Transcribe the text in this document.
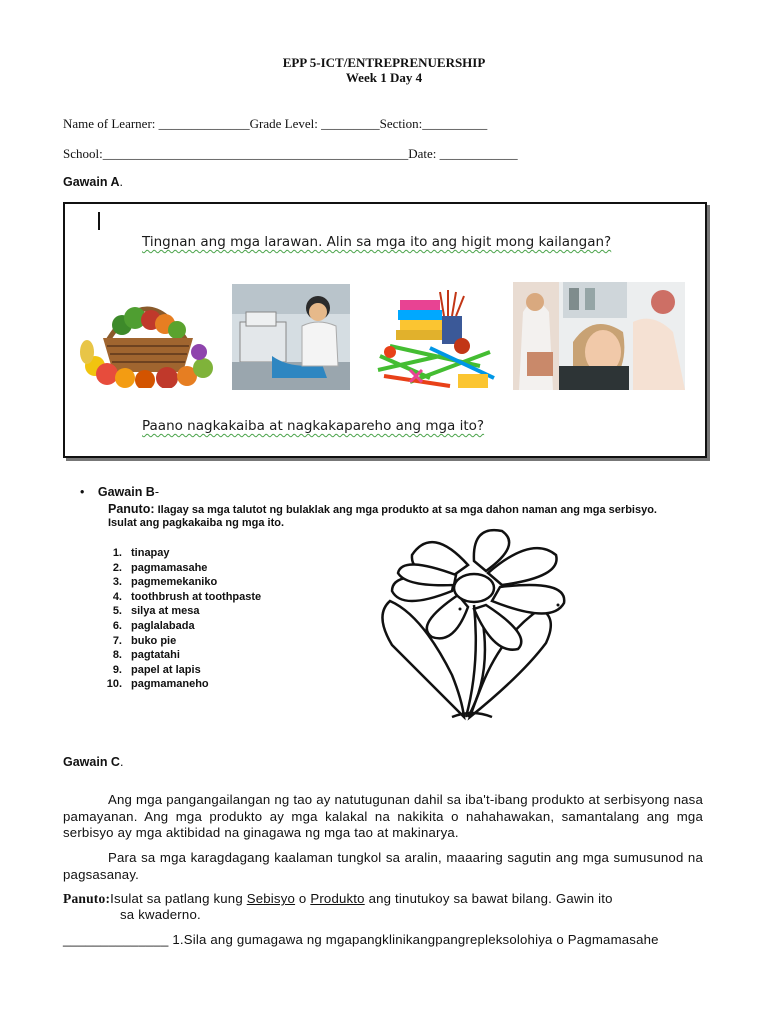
EPP 5-ICT/ENTREPRENUERSHIP
Week 1 Day 4
Name of Learner: ______________Grade Level: _________Section:__________
School:_______________________________________________Date: ____________
Gawain A.
Tingnan ang mga larawan. Alin sa mga ito ang higit mong kailangan?
Paano nagkakaiba at nagkakapareho ang mga ito?
• Gawain B-
Panuto: Ilagay sa mga talutot ng bulaklak ang mga produkto at sa mga dahon naman ang mga serbisyo.
Isulat ang pagkakaiba ng mga ito.
1. tinapay
2. pagmamasahe
3. pagmemekaniko
4. toothbrush at toothpaste
5. silya at mesa
6. paglalabada
7. buko pie
8. pagtatahi
9. papel at lapis
10. pagmamaneho
Gawain C.
Ang mga pangangailangan ng tao ay natutugunan dahil sa iba't-ibang produkto at serbisyong nasa pamayanan. Ang mga produkto ay mga kalakal na nakikita o nahahawakan, samantalang ang mga serbisyo ay mga aktibidad na ginagawa ng mga tao at makinarya.
Para sa mga karagdagang kaalaman tungkol sa aralin, maaaring sagutin ang mga sumusunod na pagsasanay.
Panuto:Isulat sa patlang kung Sebisyo o Produkto ang tinutukoy sa bawat bilang. Gawin ito
sa kwaderno.
______________ 1.Sila ang gumagawa ng mgapangklinikangpangrepleksolohiya o Pagmamasahe
